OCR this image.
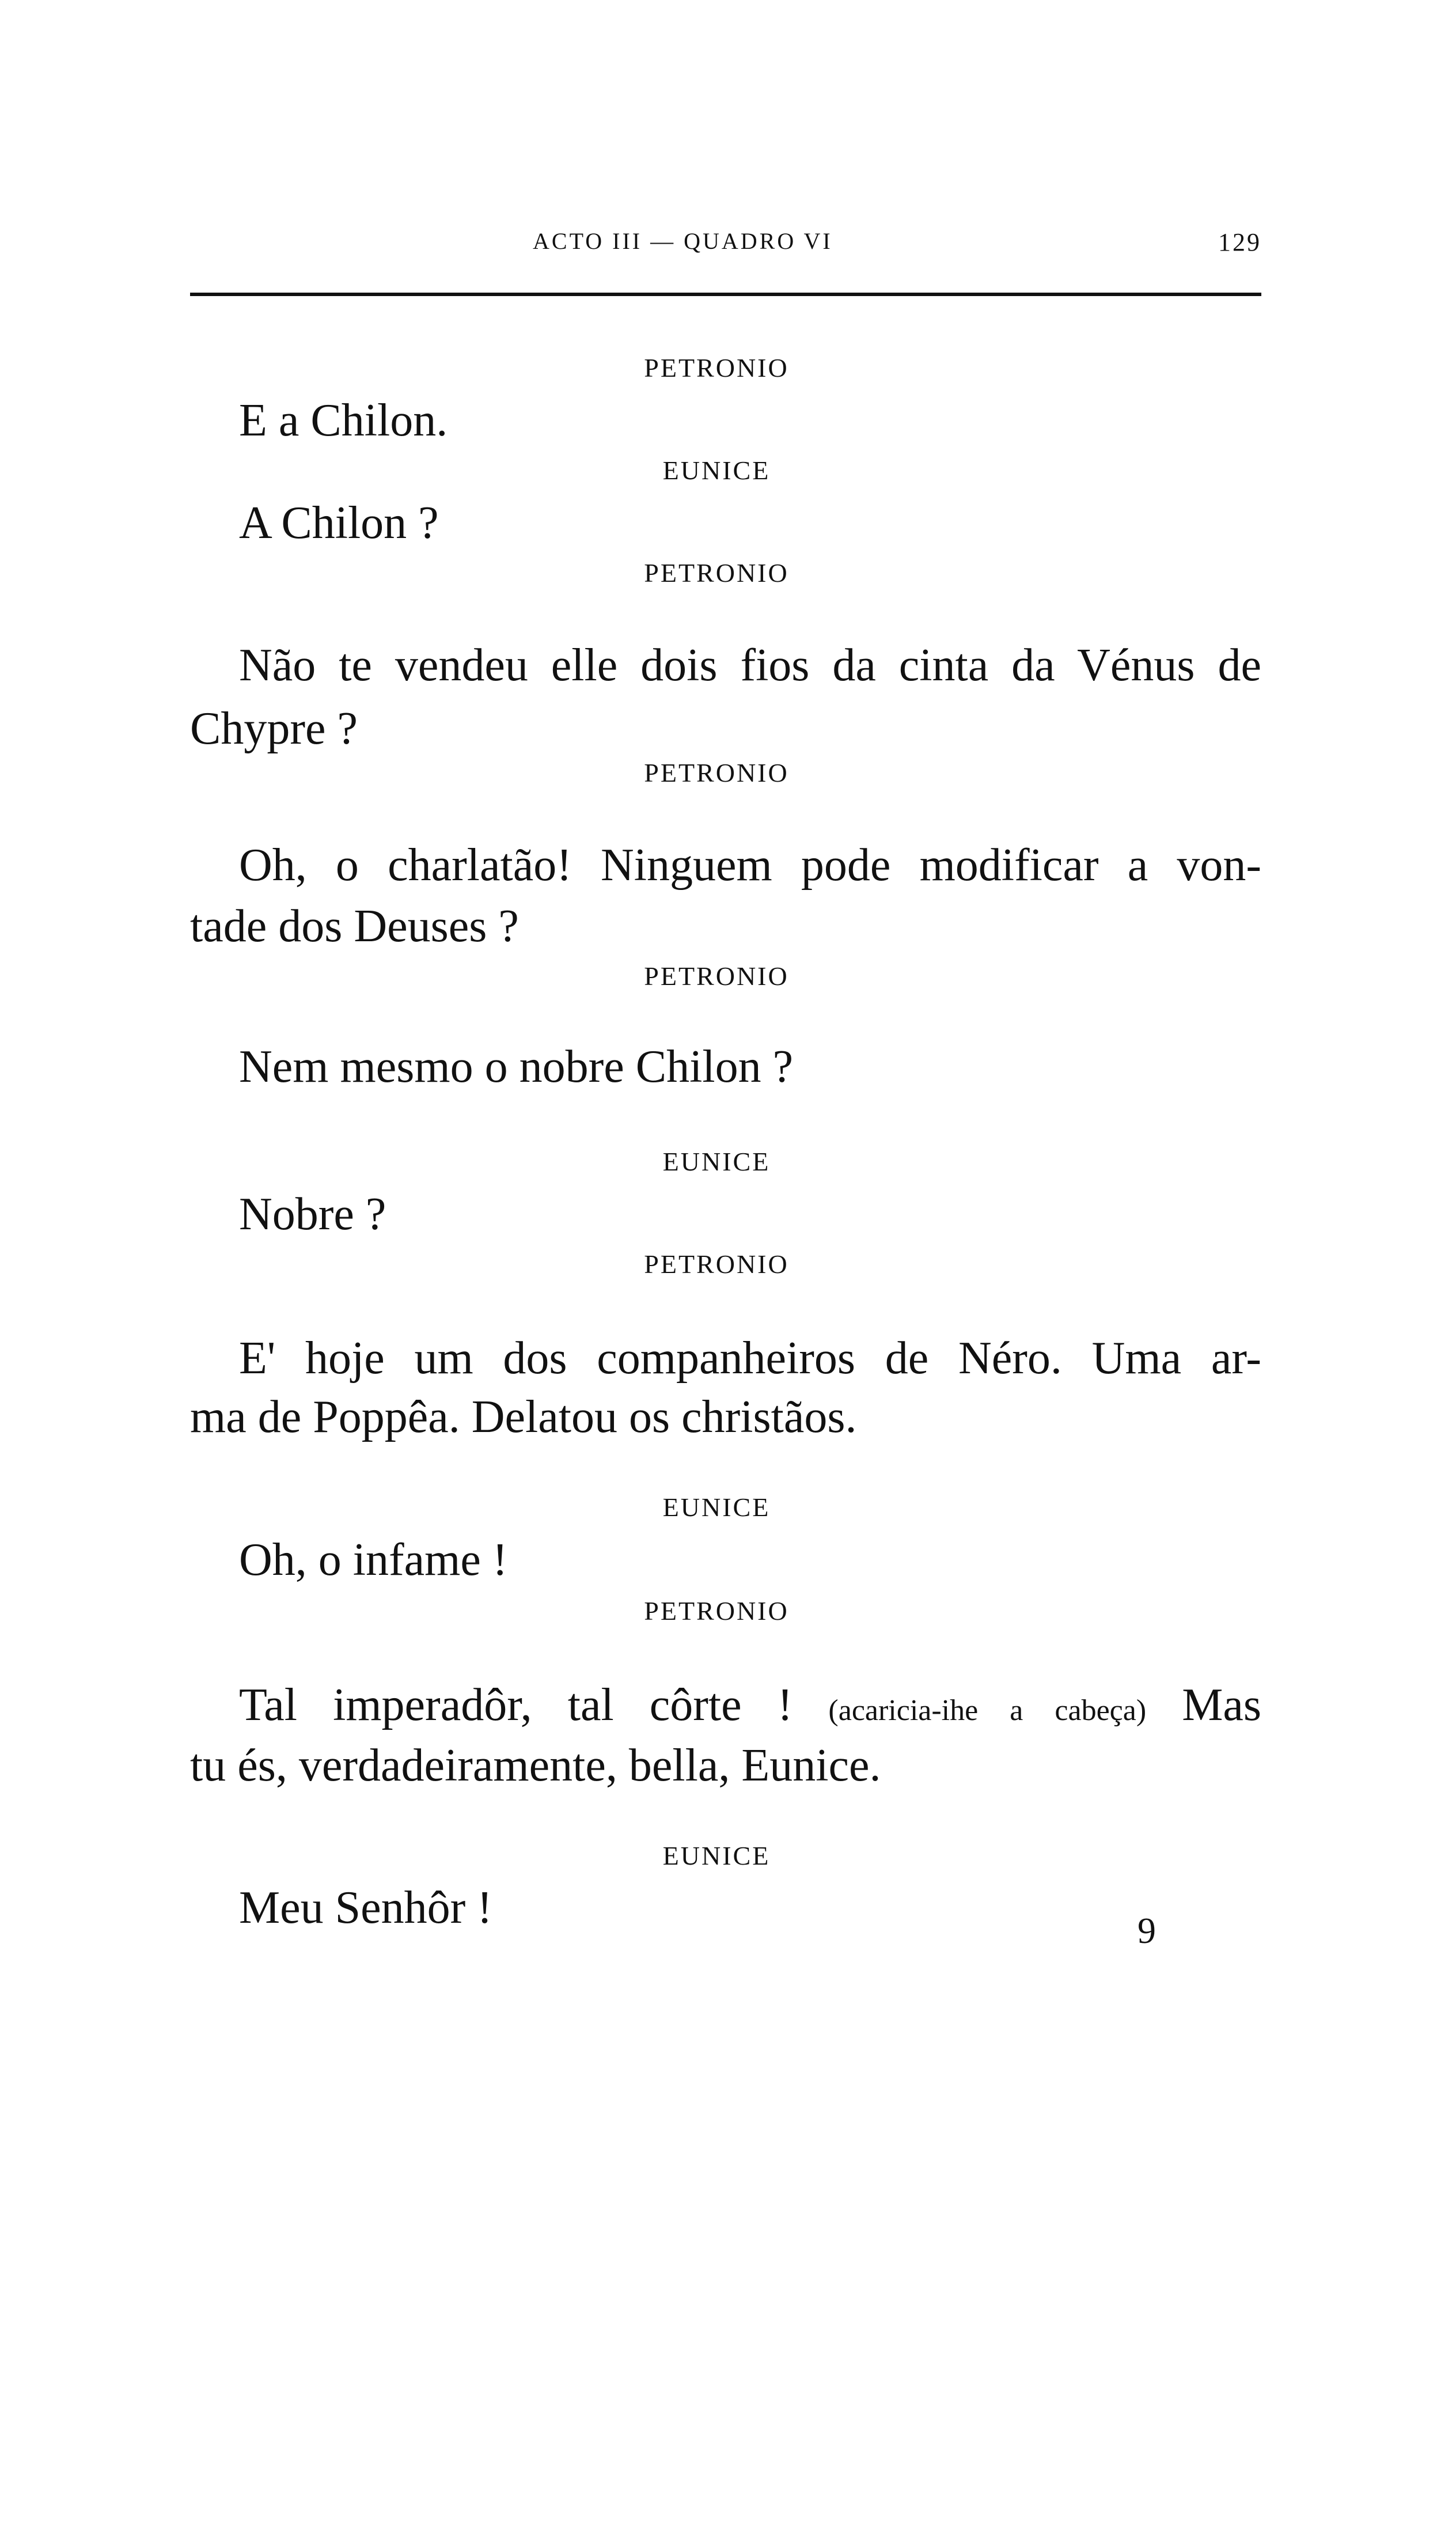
ACTO III — QUADRO VI	129
PETRONIO
E a Chilon.
EUNICE
A Chilon ?
PETRONIO
Não te vendeu elle dois fios da cinta da Vénus de
Chypre ?
PETRONIO
Oh, o charlatão! Ninguem pode modificar a von-
tade dos Deuses ?
PETRONIO
Nem mesmo o nobre Chilon ?
EUNICE
Nobre ?
PETRONIO
E' hoje um dos companheiros de Néro. Uma ar-
ma de Poppêa. Delatou os christãos.
EUNICE
Oh, o infame !
PETRONIO
Tal imperadôr, tal côrte ! (acaricia-ihe a cabeça) Mas
tu és, verdadeiramente, bella, Eunice.
EUNICE
Meu Senhôr !	9
